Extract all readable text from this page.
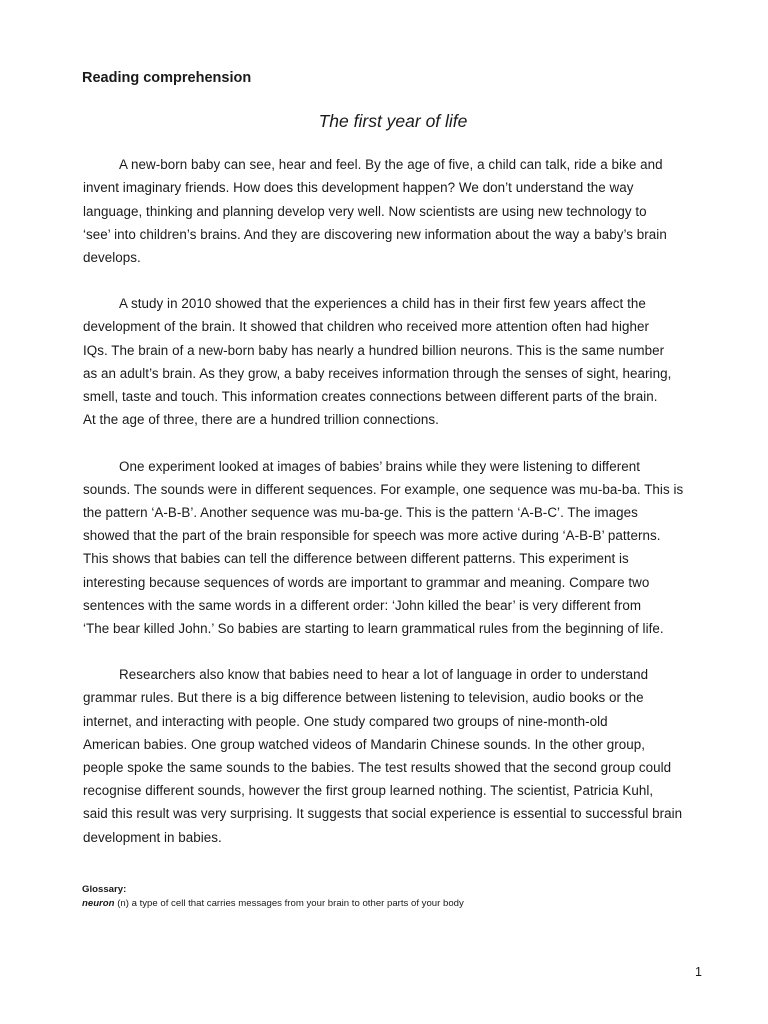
Reading comprehension
The first year of life

A new-born baby can see, hear and feel. By the age of five, a child can talk, ride a bike and

invent imaginary friends. How does this development happen? We don’t understand the way

language, thinking and planning develop very well. Now scientists are using new technology to

‘see’ into children’s brains. And they are discovering new information about the way a baby’s brain

develops.

A study in 2010 showed that the experiences a child has in their first few years affect the

development of the brain. It showed that children who received more attention often had higher

IQs. The brain of a new-born baby has nearly a hundred billion neurons. This is the same number

as an adult’s brain. As they grow, a baby receives information through the senses of sight, hearing,

smell, taste and touch. This information creates connections between different parts of the brain.

At the age of three, there are a hundred trillion connections.

One experiment looked at images of babies’ brains while they were listening to different

sounds. The sounds were in different sequences. For example, one sequence was mu-ba-ba. This is

the pattern ‘A-B-B’. Another sequence was mu-ba-ge. This is the pattern ‘A-B-C’. The images

showed that the part of the brain responsible for speech was more active during ‘A-B-B’ patterns.

This shows that babies can tell the difference between different patterns. This experiment is

interesting because sequences of words are important to grammar and meaning. Compare two

sentences with the same words in a different order: ‘John killed the bear’ is very different from

‘The bear killed John.’ So babies are starting to learn grammatical rules from the beginning of life.

Researchers also know that babies need to hear a lot of language in order to understand

grammar rules. But there is a big difference between listening to television, audio books or the

internet, and interacting with people. One study compared two groups of nine-month-old

American babies. One group watched videos of Mandarin Chinese sounds. In the other group,

people spoke the same sounds to the babies. The test results showed that the second group could

recognise different sounds, however the first group learned nothing. The scientist, Patricia Kuhl,

said this result was very surprising. It suggests that social experience is essential to successful brain

development in babies.

Glossary:

neuron (n) a type of cell that carries messages from your brain to other parts of your body

1
